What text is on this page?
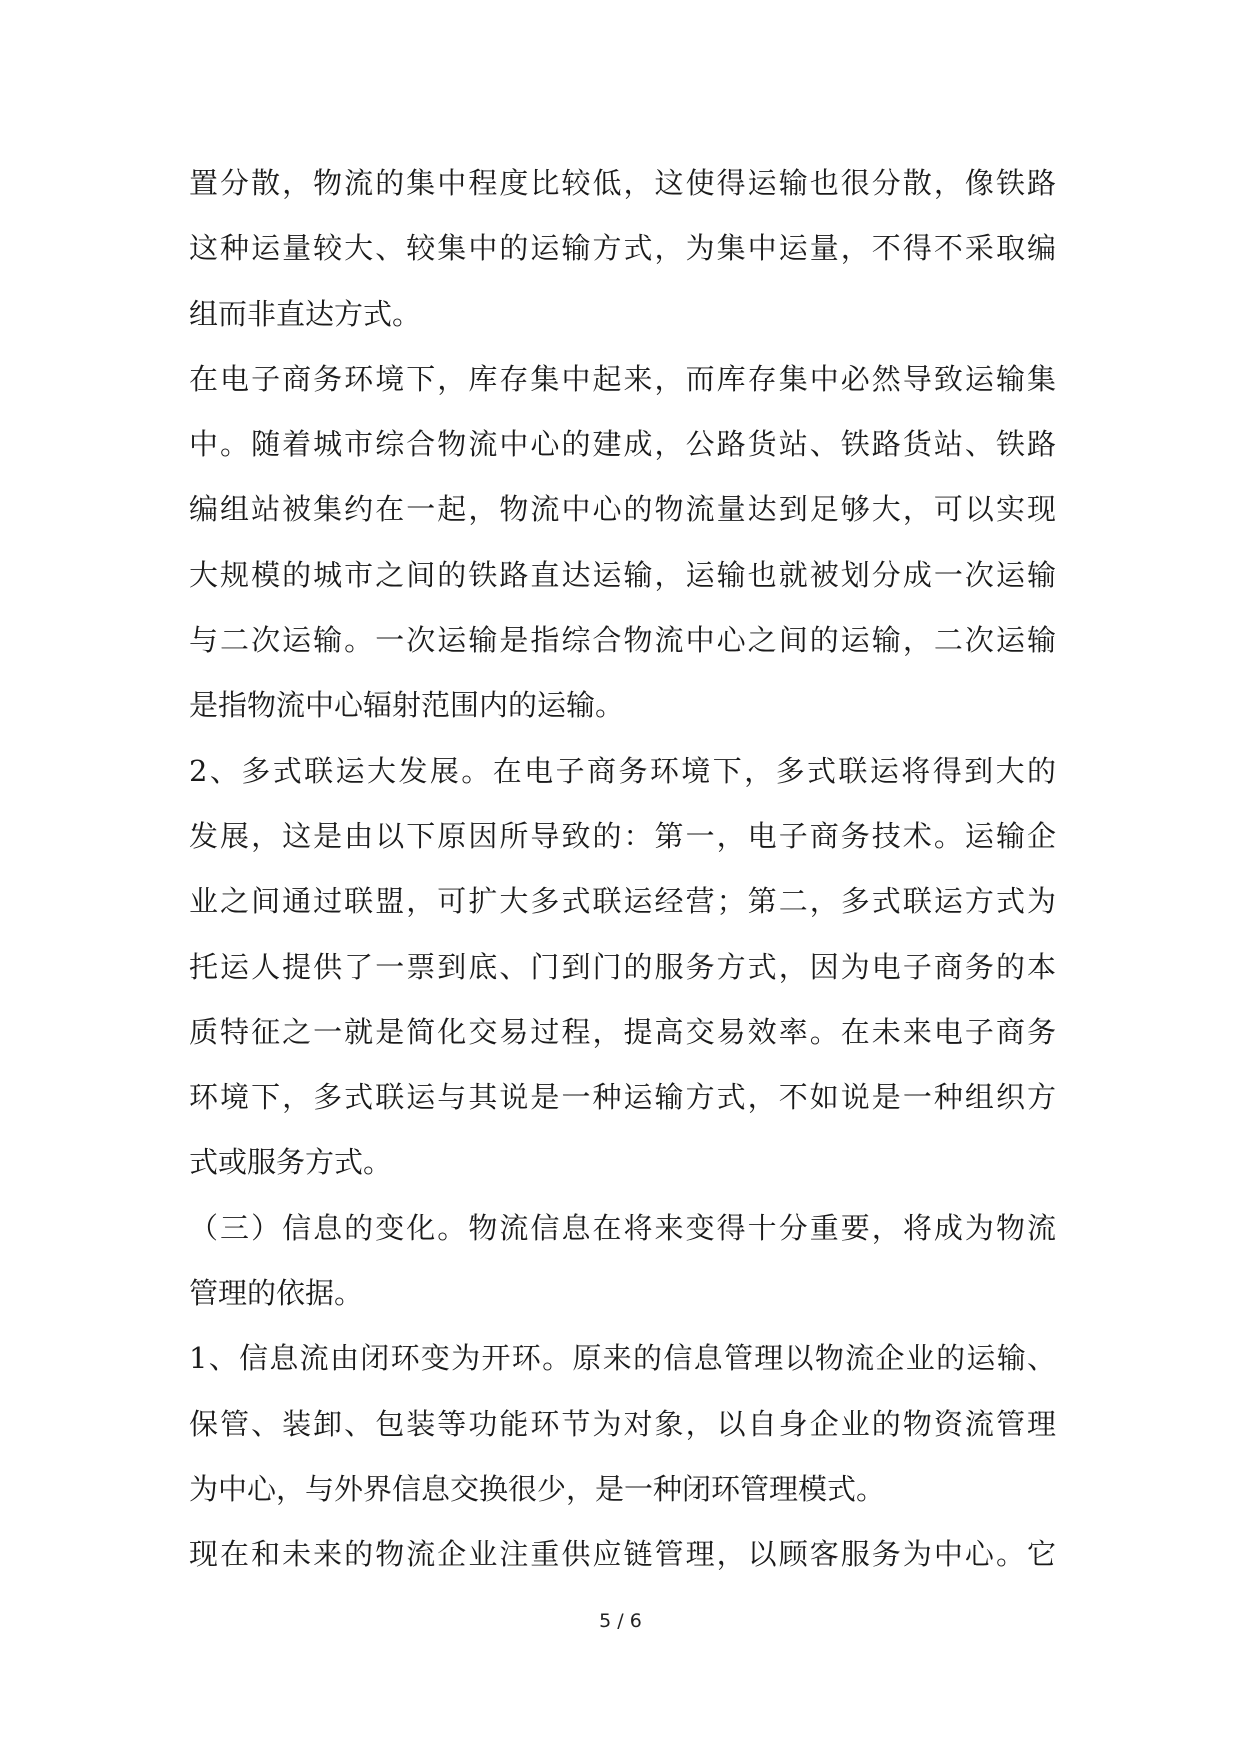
置分散，物流的集中程度比较低，这使得运输也很分散，像铁路
这种运量较大、较集中的运输方式，为集中运量，不得不采取编
组而非直达方式。
在电子商务环境下，库存集中起来，而库存集中必然导致运输集
中。随着城市综合物流中心的建成，公路货站、铁路货站、铁路
编组站被集约在一起，物流中心的物流量达到足够大，可以实现
大规模的城市之间的铁路直达运输，运输也就被划分成一次运输
与二次运输。一次运输是指综合物流中心之间的运输，二次运输
是指物流中心辐射范围内的运输。
2、多式联运大发展。在电子商务环境下，多式联运将得到大的
发展，这是由以下原因所导致的：第一，电子商务技术。运输企
业之间通过联盟，可扩大多式联运经营；第二，多式联运方式为
托运人提供了一票到底、门到门的服务方式，因为电子商务的本
质特征之一就是简化交易过程，提高交易效率。在未来电子商务
环境下，多式联运与其说是一种运输方式，不如说是一种组织方
式或服务方式。
（三）信息的变化。物流信息在将来变得十分重要，将成为物流
管理的依据。
1、信息流由闭环变为开环。原来的信息管理以物流企业的运输、
保管、装卸、包装等功能环节为对象，以自身企业的物资流管理
为中心，与外界信息交换很少，是一种闭环管理模式。
现在和未来的物流企业注重供应链管理，以顾客服务为中心。它
5 / 6
